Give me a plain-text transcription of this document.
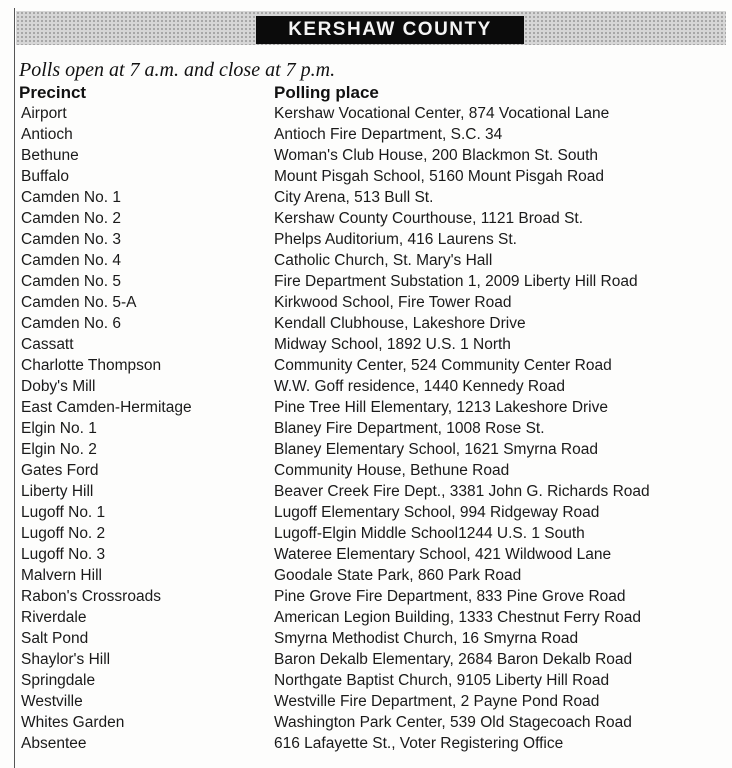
KERSHAW COUNTY
Polls open at 7 a.m. and close at 7 p.m.
Precinct	Polling place
Airport	Kershaw Vocational Center, 874 Vocational Lane
Antioch	Antioch Fire Department, S.C. 34
Bethune	Woman's Club House, 200 Blackmon St. South
Buffalo	Mount Pisgah School, 5160 Mount Pisgah Road
Camden No. 1	City Arena, 513 Bull St.
Camden No. 2	Kershaw County Courthouse, 1121 Broad St.
Camden No. 3	Phelps Auditorium, 416 Laurens St.
Camden No. 4	Catholic Church, St. Mary's Hall
Camden No. 5	Fire Department Substation 1, 2009 Liberty Hill Road
Camden No. 5-A	Kirkwood School, Fire Tower Road
Camden No. 6	Kendall Clubhouse, Lakeshore Drive
Cassatt	Midway School, 1892 U.S. 1 North
Charlotte Thompson	Community Center, 524 Community Center Road
Doby's Mill	W.W. Goff residence, 1440 Kennedy Road
East Camden-Hermitage	Pine Tree Hill Elementary, 1213 Lakeshore Drive
Elgin No. 1	Blaney Fire Department, 1008 Rose St.
Elgin No. 2	Blaney Elementary School, 1621 Smyrna Road
Gates Ford	Community House, Bethune Road
Liberty Hill	Beaver Creek Fire Dept., 3381 John G. Richards Road
Lugoff No. 1	Lugoff Elementary School, 994 Ridgeway Road
Lugoff No. 2	Lugoff-Elgin Middle School1244 U.S. 1 South
Lugoff No. 3	Wateree Elementary School, 421 Wildwood Lane
Malvern Hill	Goodale State Park, 860 Park Road
Rabon's Crossroads	Pine Grove Fire Department, 833 Pine Grove Road
Riverdale	American Legion Building, 1333 Chestnut Ferry Road
Salt Pond	Smyrna Methodist Church, 16 Smyrna Road
Shaylor's Hill	Baron Dekalb Elementary, 2684 Baron Dekalb Road
Springdale	Northgate Baptist Church, 9105 Liberty Hill Road
Westville	Westville Fire Department, 2 Payne Pond Road
Whites Garden	Washington Park Center, 539 Old Stagecoach Road
Absentee	616 Lafayette St., Voter Registering Office
